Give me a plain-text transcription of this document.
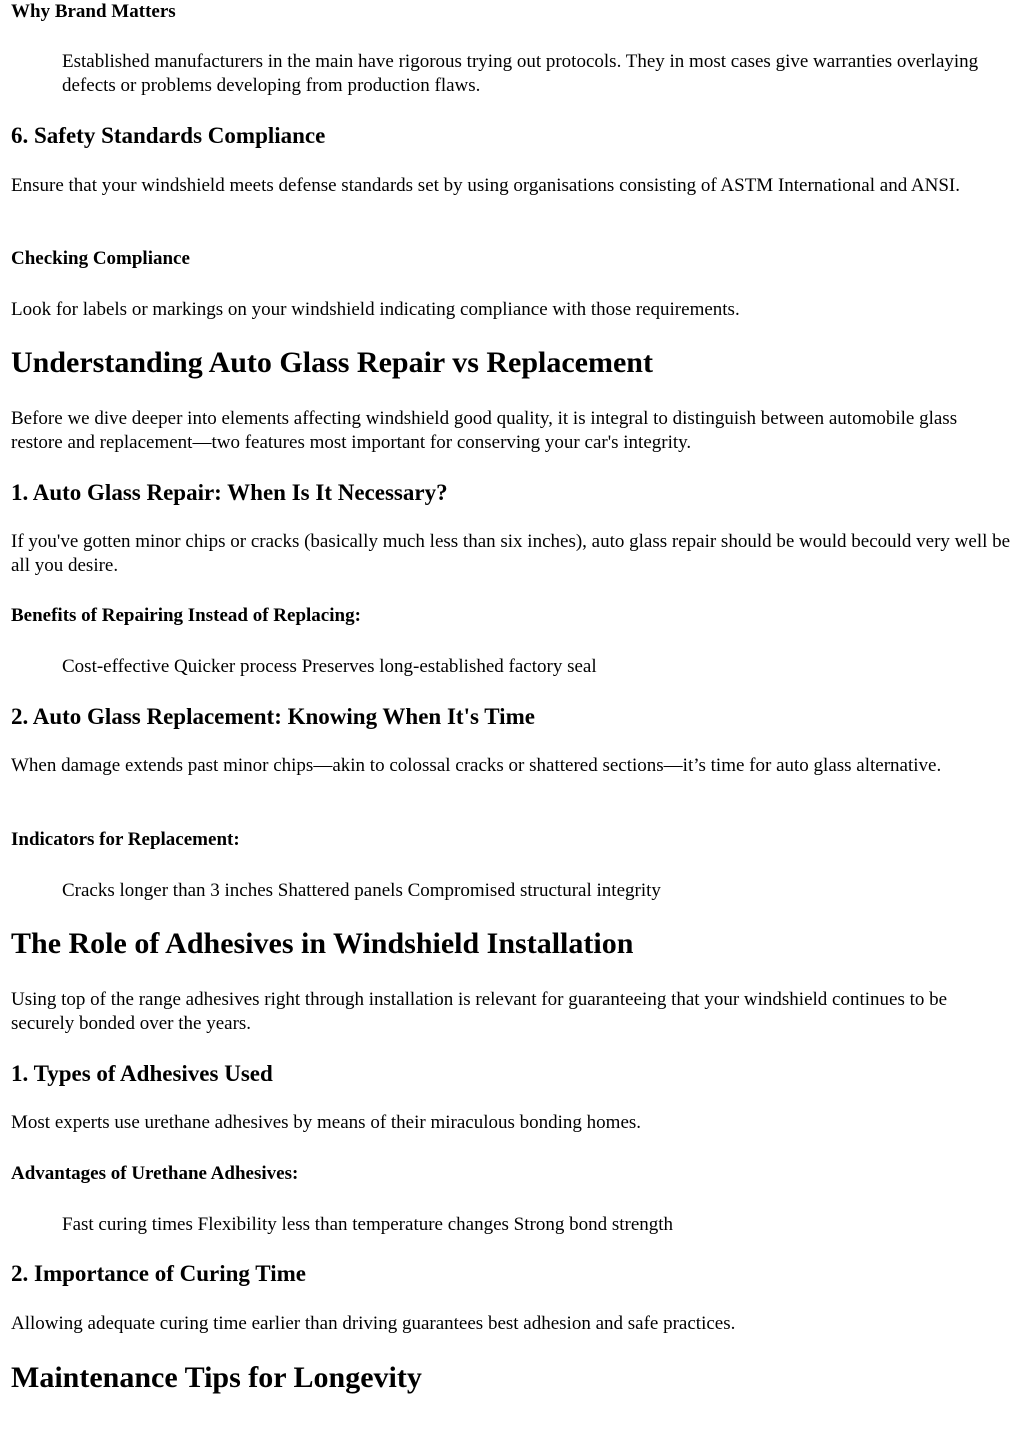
Why Brand Matters
Established manufacturers in the main have rigorous trying out protocols. They in most cases give warranties overlaying defects or problems developing from production flaws.
6. Safety Standards Compliance

Ensure that your windshield meets defense standards set by using organisations consisting of ASTM International and ANSI.

Checking Compliance

Look for labels or markings on your windshield indicating compliance with those requirements.

Understanding Auto Glass Repair vs Replacement

Before we dive deeper into elements affecting windshield good quality, it is integral to distinguish between automobile glass restore and replacement—two features most important for conserving your car's integrity.

1. Auto Glass Repair: When Is It Necessary?

If you've gotten minor chips or cracks (basically much less than six inches), auto glass repair should be would becould very well be all you desire.

Benefits of Repairing Instead of Replacing:
Cost-effective Quicker process Preserves long-established factory seal
2. Auto Glass Replacement: Knowing When It's Time

When damage extends past minor chips—akin to colossal cracks or shattered sections—it’s time for auto glass alternative.

Indicators for Replacement:
Cracks longer than 3 inches Shattered panels Compromised structural integrity
The Role of Adhesives in Windshield Installation

Using top of the range adhesives right through installation is relevant for guaranteeing that your windshield continues to be securely bonded over the years.

1. Types of Adhesives Used

Most experts use urethane adhesives by means of their miraculous bonding homes.

Advantages of Urethane Adhesives:
Fast curing times Flexibility less than temperature changes Strong bond strength
2. Importance of Curing Time

Allowing adequate curing time earlier than driving guarantees best adhesion and safe practices.

Maintenance Tips for Longevity
